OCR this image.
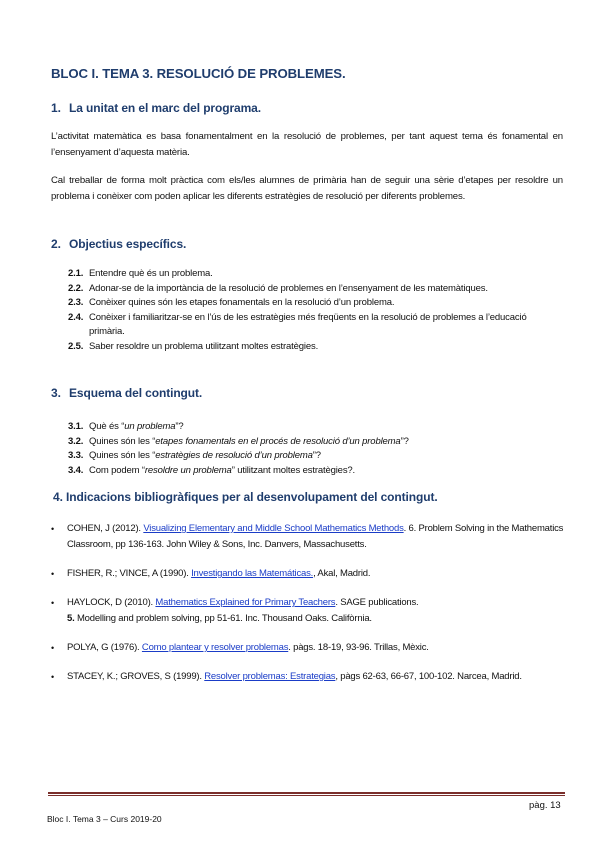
BLOC I. TEMA 3. RESOLUCIÓ DE PROBLEMES.
1. La unitat en el marc del programa.
L’activitat matemàtica es basa fonamentalment en la resolució de problemes, per tant aquest tema és fonamental en l’ensenyament d’aquesta matèria.
Cal treballar de forma molt pràctica com els/les alumnes de primària han de seguir una sèrie d’etapes per resoldre un problema i conèixer com poden aplicar les diferents estratègies de resolució per diferents problemes.
2. Objectius específics.
2.1. Entendre què és un problema.
2.2. Adonar-se de la importància de la resolució de problemes en l’ensenyament de les matemàtiques.
2.3. Conèixer quines són les etapes fonamentals en la resolució d’un problema.
2.4. Conèixer i familiaritzar-se en l’ús de les estratègies més freqüents en la resolució de problemes a l’educació primària.
2.5. Saber resoldre un problema utilitzant moltes estratègies.
3. Esquema del contingut.
3.1. Què és “un problema”?
3.2. Quines són les “etapes fonamentals en el procés de resolució d’un problema”?
3.3. Quines són les “estratègies de resolució d’un problema”?
3.4. Com podem “resoldre un problema” utilitzant moltes estratègies?.
4. Indicacions bibliogràfiques per al desenvolupament del contingut.
•	COHEN, J (2012). Visualizing Elementary and Middle School Mathematics Methods. 6. Problem Solving in the Mathematics Classroom, pp 136-163. John Wiley & Sons, Inc. Danvers, Massachusetts.
•	FISHER, R.; VINCE, A (1990). Investigando las Matemáticas., Akal, Madrid.
•	HAYLOCK, D (2010). Mathematics Explained for Primary Teachers. SAGE publications.
5. Modelling and problem solving, pp 51-61. Inc. Thousand Oaks. Califòrnia.
•	POLYA, G (1976). Como plantear y resolver problemas. pàgs. 18-19, 93-96. Trillas, Mèxic.
•	STACEY, K.; GROVES, S (1999). Resolver problemas: Estrategias, pàgs 62-63, 66-67, 100-102. Narcea, Madrid.
pàg. 13
Bloc I. Tema 3 – Curs 2019-20
